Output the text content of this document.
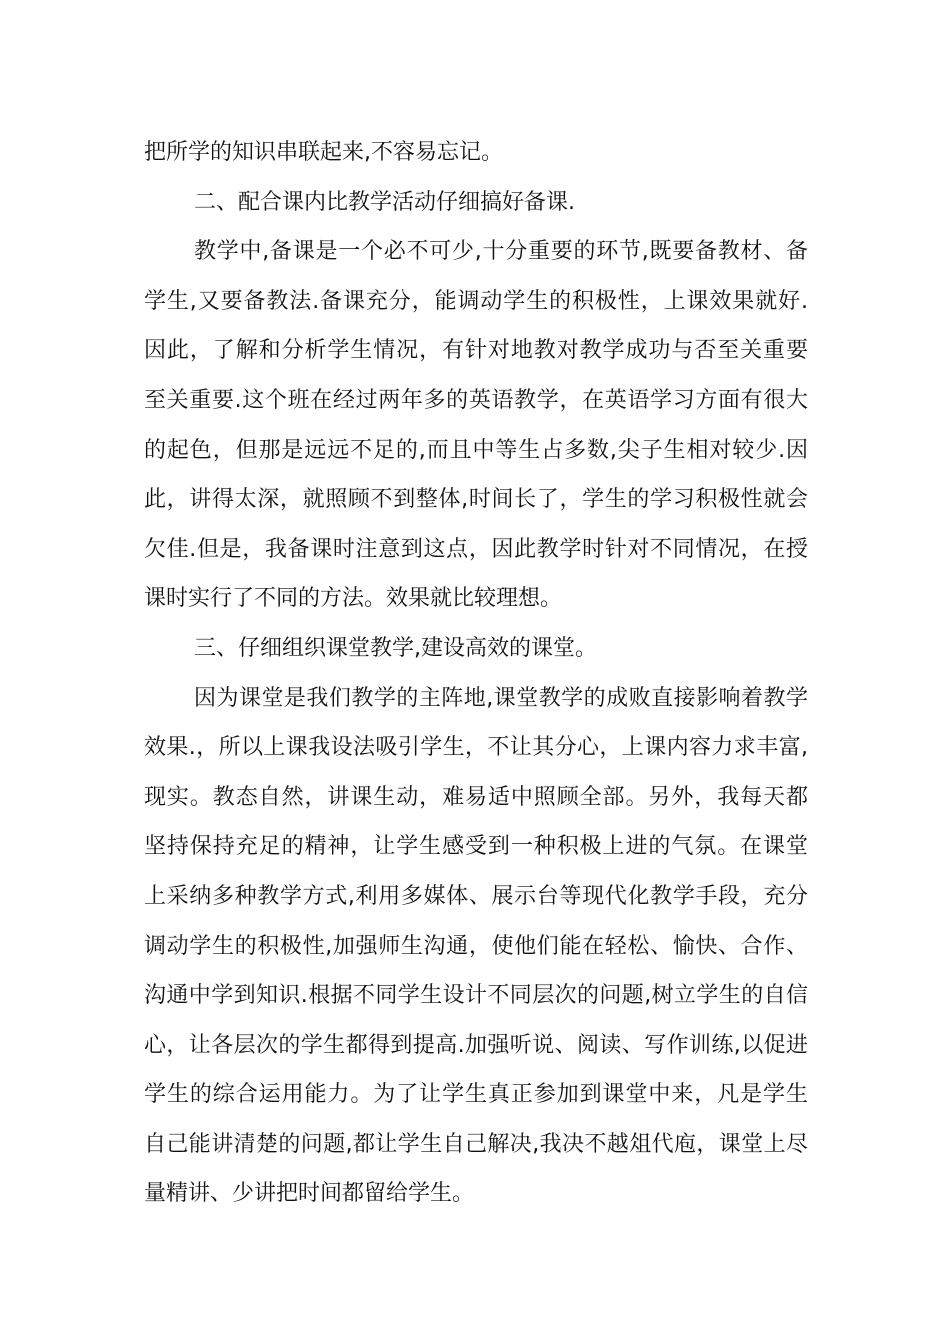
把所学的知识串联起来,不容易忘记。
二、配合课内比教学活动仔细搞好备课.
教学中,备课是一个必不可少,十分重要的环节,既要备教材、备
学生,又要备教法.备课充分，能调动学生的积极性，上课效果就好.
因此，了解和分析学生情况，有针对地教对教学成功与否至关重要
至关重要.这个班在经过两年多的英语教学，在英语学习方面有很大
的起色，但那是远远不足的,而且中等生占多数,尖子生相对较少.因
此，讲得太深，就照顾不到整体,时间长了，学生的学习积极性就会
欠佳.但是，我备课时注意到这点，因此教学时针对不同情况，在授
课时实行了不同的方法。效果就比较理想。
三、仔细组织课堂教学,建设高效的课堂。
因为课堂是我们教学的主阵地,课堂教学的成败直接影响着教学
效果.，所以上课我设法吸引学生，不让其分心，上课内容力求丰富,
现实。教态自然，讲课生动，难易适中照顾全部。另外，我每天都
坚持保持充足的精神，让学生感受到一种积极上进的气氛。在课堂
上采纳多种教学方式,利用多媒体、展示台等现代化教学手段，充分
调动学生的积极性,加强师生沟通，使他们能在轻松、愉快、合作、
沟通中学到知识.根据不同学生设计不同层次的问题,树立学生的自信
心，让各层次的学生都得到提高.加强听说、阅读、写作训练,以促进
学生的综合运用能力。为了让学生真正参加到课堂中来，凡是学生
自己能讲清楚的问题,都让学生自己解决,我决不越俎代庖，课堂上尽
量精讲、少讲把时间都留给学生。
